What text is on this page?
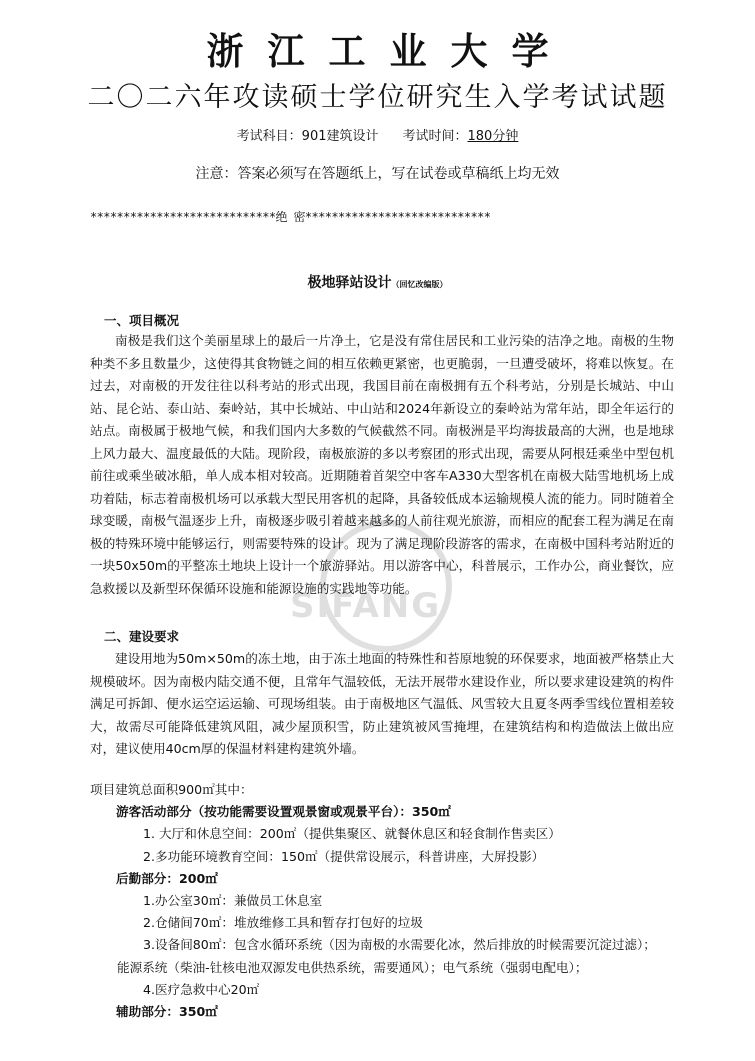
SIFANG
浙江工业大学
二〇二六年攻读硕士学位研究生入学考试试题
考试科目：901建筑设计 考试时间：180分钟
注意：答案必须写在答题纸上，写在试卷或草稿纸上均无效
****************************绝 密****************************
极地驿站设计（回忆改编版）
一、项目概况
南极是我们这个美丽星球上的最后一片净土，它是没有常住居民和工业污染的洁净之地。南极的生物种类不多且数量少，这使得其食物链之间的相互依赖更紧密，也更脆弱，一旦遭受破坏，将难以恢复。在过去，对南极的开发往往以科考站的形式出现，我国目前在南极拥有五个科考站，分别是长城站、中山站、昆仑站、泰山站、秦岭站，其中长城站、中山站和2024年新设立的秦岭站为常年站，即全年运行的站点。南极属于极地气候，和我们国内大多数的气候截然不同。南极洲是平均海拔最高的大洲，也是地球上风力最大、温度最低的大陆。现阶段，南极旅游的多以考察团的形式出现，需要从阿根廷乘坐中型包机前往或乘坐破冰船，单人成本相对较高。近期随着首架空中客车A330大型客机在南极大陆雪地机场上成功着陆，标志着南极机场可以承载大型民用客机的起降，具备较低成本运输规模人流的能力。同时随着全球变暖，南极气温逐步上升，南极逐步吸引着越来越多的人前往观光旅游，而相应的配套工程为满足在南极的特殊环境中能够运行，则需要特殊的设计。现为了满足现阶段游客的需求，在南极中国科考站附近的一块50x50m的平整冻土地块上设计一个旅游驿站。用以游客中心，科普展示，工作办公，商业餐饮，应急救援以及新型环保循环设施和能源设施的实践地等功能。
二、建设要求
建设用地为50m×50m的冻土地，由于冻土地面的特殊性和苔原地貌的环保要求，地面被严格禁止大规模破坏。因为南极内陆交通不便，且常年气温较低，无法开展带水建设作业，所以要求建设建筑的构件满足可拆卸、便水运空运运输、可现场组装。由于南极地区气温低、风雪较大且夏冬两季雪线位置相差较大，故需尽可能降低建筑风阻，减少屋顶积雪，防止建筑被风雪掩埋，在建筑结构和构造做法上做出应对，建议使用40cm厚的保温材料建构建筑外墙。
项目建筑总面积900㎡其中：
游客活动部分（按功能需要设置观景窗或观景平台）：350㎡
1. 大厅和休息空间：200㎡（提供集聚区、就餐休息区和轻食制作售卖区）
2.多功能环境教育空间：150㎡（提供常设展示，科普讲座，大屏投影）
后勤部分：200㎡
1.办公室30㎡：兼做员工休息室
2.仓储间70㎡：堆放维修工具和暂存打包好的垃圾
3.设备间80㎡：包含水循环系统（因为南极的水需要化冰，然后排放的时候需要沉淀过滤）；
能源系统（柴油-钍核电池双源发电供热系统，需要通风）；电气系统（强弱电配电）；
4.医疗急救中心20㎡
辅助部分：350㎡
